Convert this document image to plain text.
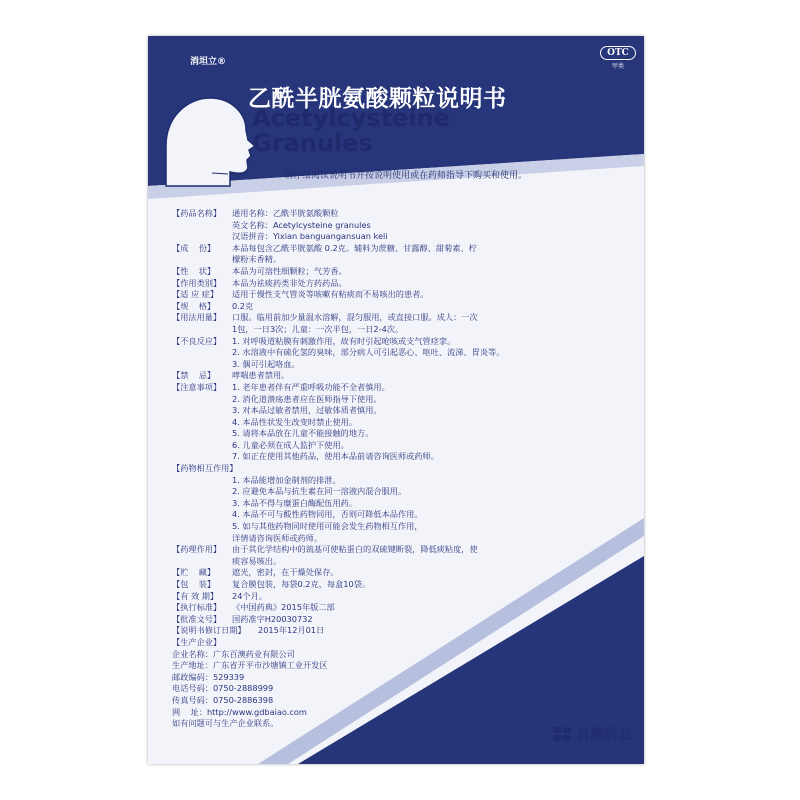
消坦立®
OTC
甲类
乙酰半胱氨酸颗粒说明书
Acetylcysteine
Granules
请仔细阅读说明书并按说明使用或在药师指导下购买和使用。
【药品名称】	通用名称：乙酰半胱氨酸颗粒
英文名称：Acetylcysteine granules
汉语拼音：Yixian banguangansuan keli
【成    份】	本品每包含乙酰半胱氨酸 0.2克。辅料为蔗糖、甘露醇、甜菊素、柠
檬粉末香精。
【性    状】	本品为可溶性细颗粒；气芳香。
【作用类别】	本品为祛痰药类非处方药药品。
【适 应 症】	适用于慢性支气管炎等咳嗽有粘痰而不易咳出的患者。
【规    格】	0.2克
【用法用量】	口服。临用前加少量温水溶解，混匀服用，或直接口服。成人：一次
1包，一日3次；儿童：一次半包，一日2-4次。
【不良反应】	1. 对呼吸道粘膜有刺激作用，故有时引起呛咳或支气管痉挛。
2. 水溶液中有硫化氢的臭味，部分病人可引起恶心、呕吐、流涕、胃炎等。
3. 偶可引起咯血。
【禁    忌】	哮喘患者禁用。
【注意事项】	1. 老年患者伴有严重呼吸功能不全者慎用。
2. 消化道溃疡患者应在医师指导下使用。
3. 对本品过敏者禁用，过敏体质者慎用。
4. 本品性状发生改变时禁止使用。
5. 请将本品放在儿童不能接触的地方。
6. 儿童必须在成人监护下使用。
7. 如正在使用其他药品，使用本品前请咨询医师或药师。
【药物相互作用】
1. 本品能增加金制剂的排泄。
2. 应避免本品与抗生素在同一溶液内混合服用。
3. 本品不得与糜蛋白酶配伍用药。
4. 本品不可与酸性药物同用，否则可降低本品作用。
5. 如与其他药物同时使用可能会发生药物相互作用，
详情请咨询医师或药师。
【药理作用】	由于其化学结构中的巯基可使粘蛋白的双硫键断裂，降低痰粘度，使
痰容易咳出。
【贮    藏】	遮光，密封，在干燥处保存。
【包    装】	复合膜包装，每袋0.2克，每盒10袋。
【有 效 期】	24个月。
【执行标准】	《中国药典》2015年版二部
【批准文号】	国药准字H20030732
【说明书修订日期】	2015年12月01日
【生产企业】
企业名称：广东百澳药业有限公司
生产地址：广东省开平市沙塘镇工业开发区
邮政编码：529339
电话号码：0750-2888999
传真号码：0750-2886398
网    址：http://www.gdbaiao.com
如有问题可与生产企业联系。
百澳药业
